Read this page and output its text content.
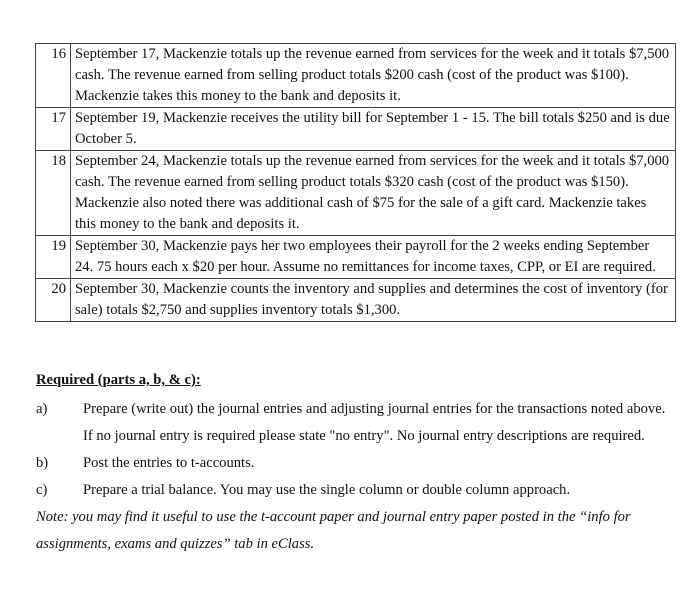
16	September 17, Mackenzie totals up the revenue earned from services for the week and it totals $7,500 cash. The revenue earned from selling product totals $200 cash (cost of the product was $100). Mackenzie takes this money to the bank and deposits it.
17	September 19, Mackenzie receives the utility bill for September 1 - 15. The bill totals $250 and is due October 5.
18	September 24, Mackenzie totals up the revenue earned from services for the week and it totals $7,000 cash. The revenue earned from selling product totals $320 cash (cost of the product was $150). Mackenzie also noted there was additional cash of $75 for the sale of a gift card. Mackenzie takes this money to the bank and deposits it.
19	September 30, Mackenzie pays her two employees their payroll for the 2 weeks ending September 24. 75 hours each x $20 per hour. Assume no remittances for income taxes, CPP, or EI are required.
20	September 30, Mackenzie counts the inventory and supplies and determines the cost of inventory (for sale) totals $2,750 and supplies inventory totals $1,300.

Required (parts a, b, & c):

a)	Prepare (write out) the journal entries and adjusting journal entries for the transactions noted above. If no journal entry is required please state "no entry". No journal entry descriptions are required.
b)	Post the entries to t-accounts.
c)	Prepare a trial balance. You may use the single column or double column approach.

Note: you may find it useful to use the t-account paper and journal entry paper posted in the “info for assignments, exams and quizzes” tab in eClass.
